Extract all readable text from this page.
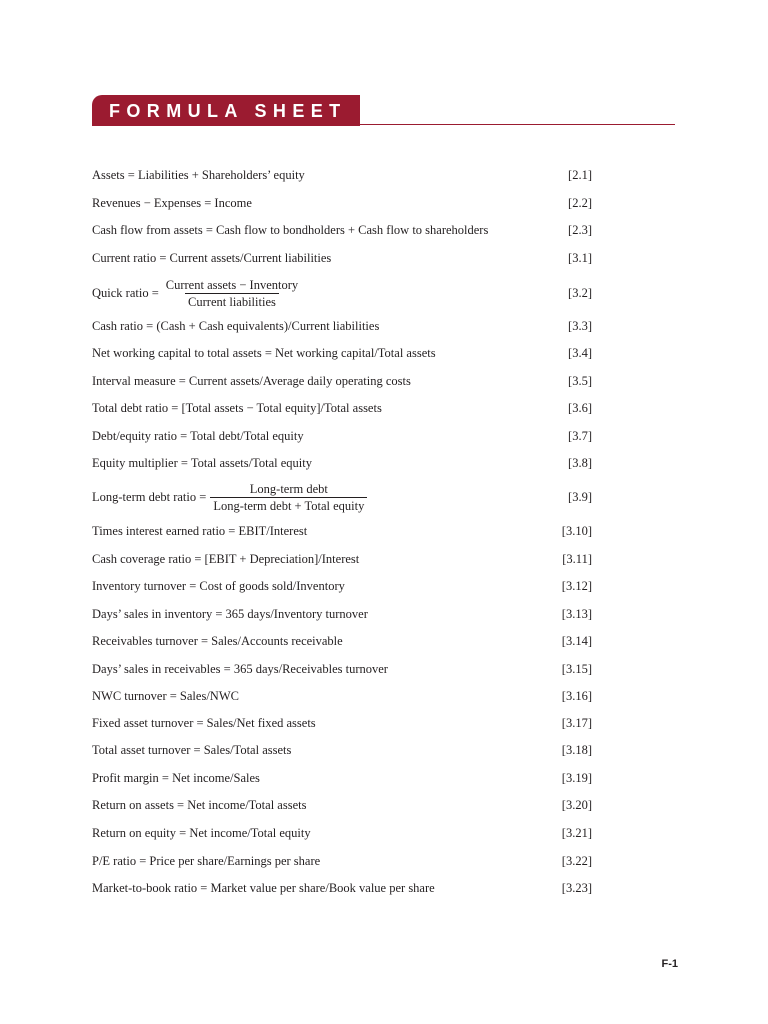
FORMULA SHEET
Assets = Liabilities + Shareholders’ equity	[2.1]
Revenues − Expenses = Income	[2.2]
Cash flow from assets = Cash flow to bondholders + Cash flow to shareholders	[2.3]
Current ratio = Current assets/Current liabilities	[3.1]
Quick ratio = $\frac{\text{Current assets − Inventory}}{\text{Current liabilities}}$	[3.2]
Cash ratio = (Cash + Cash equivalents)/Current liabilities	[3.3]
Net working capital to total assets = Net working capital/Total assets	[3.4]
Interval measure = Current assets/Average daily operating costs	[3.5]
Total debt ratio = [Total assets − Total equity]/Total assets	[3.6]
Debt/equity ratio = Total debt/Total equity	[3.7]
Equity multiplier = Total assets/Total equity	[3.8]
Long-term debt ratio = $\frac{\text{Long-term debt}}{\text{Long-term debt + Total equity}}$	[3.9]
Times interest earned ratio = EBIT/Interest	[3.10]
Cash coverage ratio = [EBIT + Depreciation]/Interest	[3.11]
Inventory turnover = Cost of goods sold/Inventory	[3.12]
Days’ sales in inventory = 365 days/Inventory turnover	[3.13]
Receivables turnover = Sales/Accounts receivable	[3.14]
Days’ sales in receivables = 365 days/Receivables turnover	[3.15]
NWC turnover = Sales/NWC	[3.16]
Fixed asset turnover = Sales/Net fixed assets	[3.17]
Total asset turnover = Sales/Total assets	[3.18]
Profit margin = Net income/Sales	[3.19]
Return on assets = Net income/Total assets	[3.20]
Return on equity = Net income/Total equity	[3.21]
P/E ratio = Price per share/Earnings per share	[3.22]
Market-to-book ratio = Market value per share/Book value per share	[3.23]
F-1
